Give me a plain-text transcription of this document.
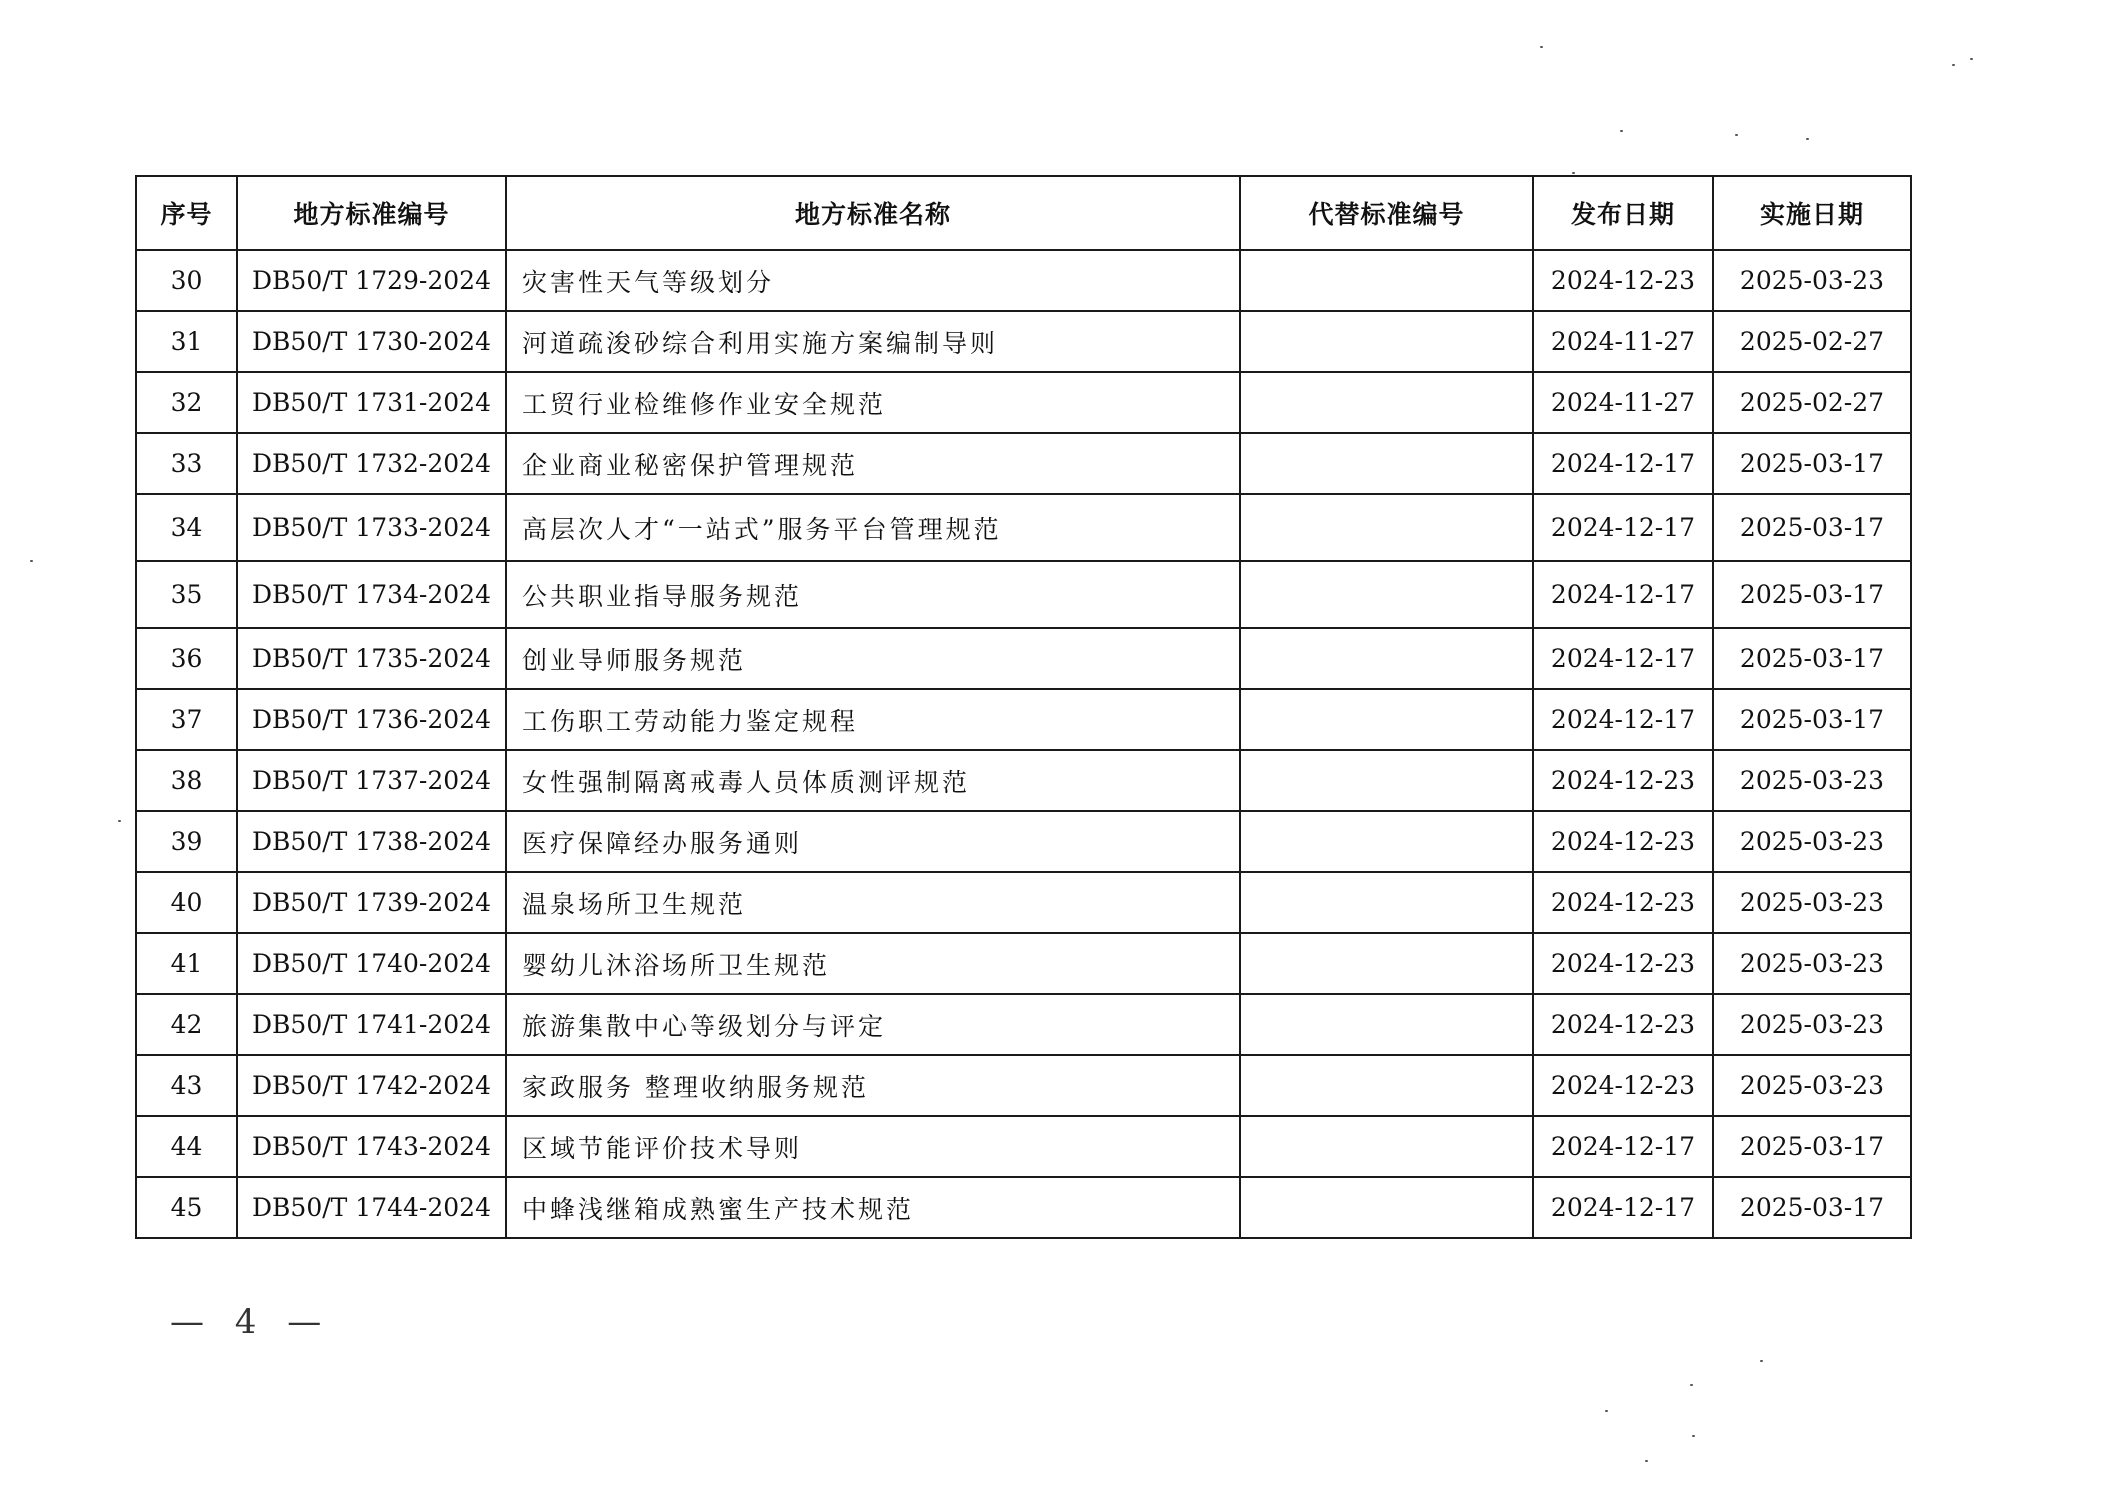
序号	地方标准编号	地方标准名称	代替标准编号	发布日期	实施日期
30	DB50/T 1729-2024	灾害性天气等级划分		2024-12-23	2025-03-23
31	DB50/T 1730-2024	河道疏浚砂综合利用实施方案编制导则		2024-11-27	2025-02-27
32	DB50/T 1731-2024	工贸行业检维修作业安全规范		2024-11-27	2025-02-27
33	DB50/T 1732-2024	企业商业秘密保护管理规范		2024-12-17	2025-03-17
34	DB50/T 1733-2024	高层次人才“一站式”服务平台管理规范		2024-12-17	2025-03-17
35	DB50/T 1734-2024	公共职业指导服务规范		2024-12-17	2025-03-17
36	DB50/T 1735-2024	创业导师服务规范		2024-12-17	2025-03-17
37	DB50/T 1736-2024	工伤职工劳动能力鉴定规程		2024-12-17	2025-03-17
38	DB50/T 1737-2024	女性强制隔离戒毒人员体质测评规范		2024-12-23	2025-03-23
39	DB50/T 1738-2024	医疗保障经办服务通则		2024-12-23	2025-03-23
40	DB50/T 1739-2024	温泉场所卫生规范		2024-12-23	2025-03-23
41	DB50/T 1740-2024	婴幼儿沐浴场所卫生规范		2024-12-23	2025-03-23
42	DB50/T 1741-2024	旅游集散中心等级划分与评定		2024-12-23	2025-03-23
43	DB50/T 1742-2024	家政服务 整理收纳服务规范		2024-12-23	2025-03-23
44	DB50/T 1743-2024	区域节能评价技术导则		2024-12-17	2025-03-17
45	DB50/T 1744-2024	中蜂浅继箱成熟蜜生产技术规范		2024-12-17	2025-03-17
— 4 —
